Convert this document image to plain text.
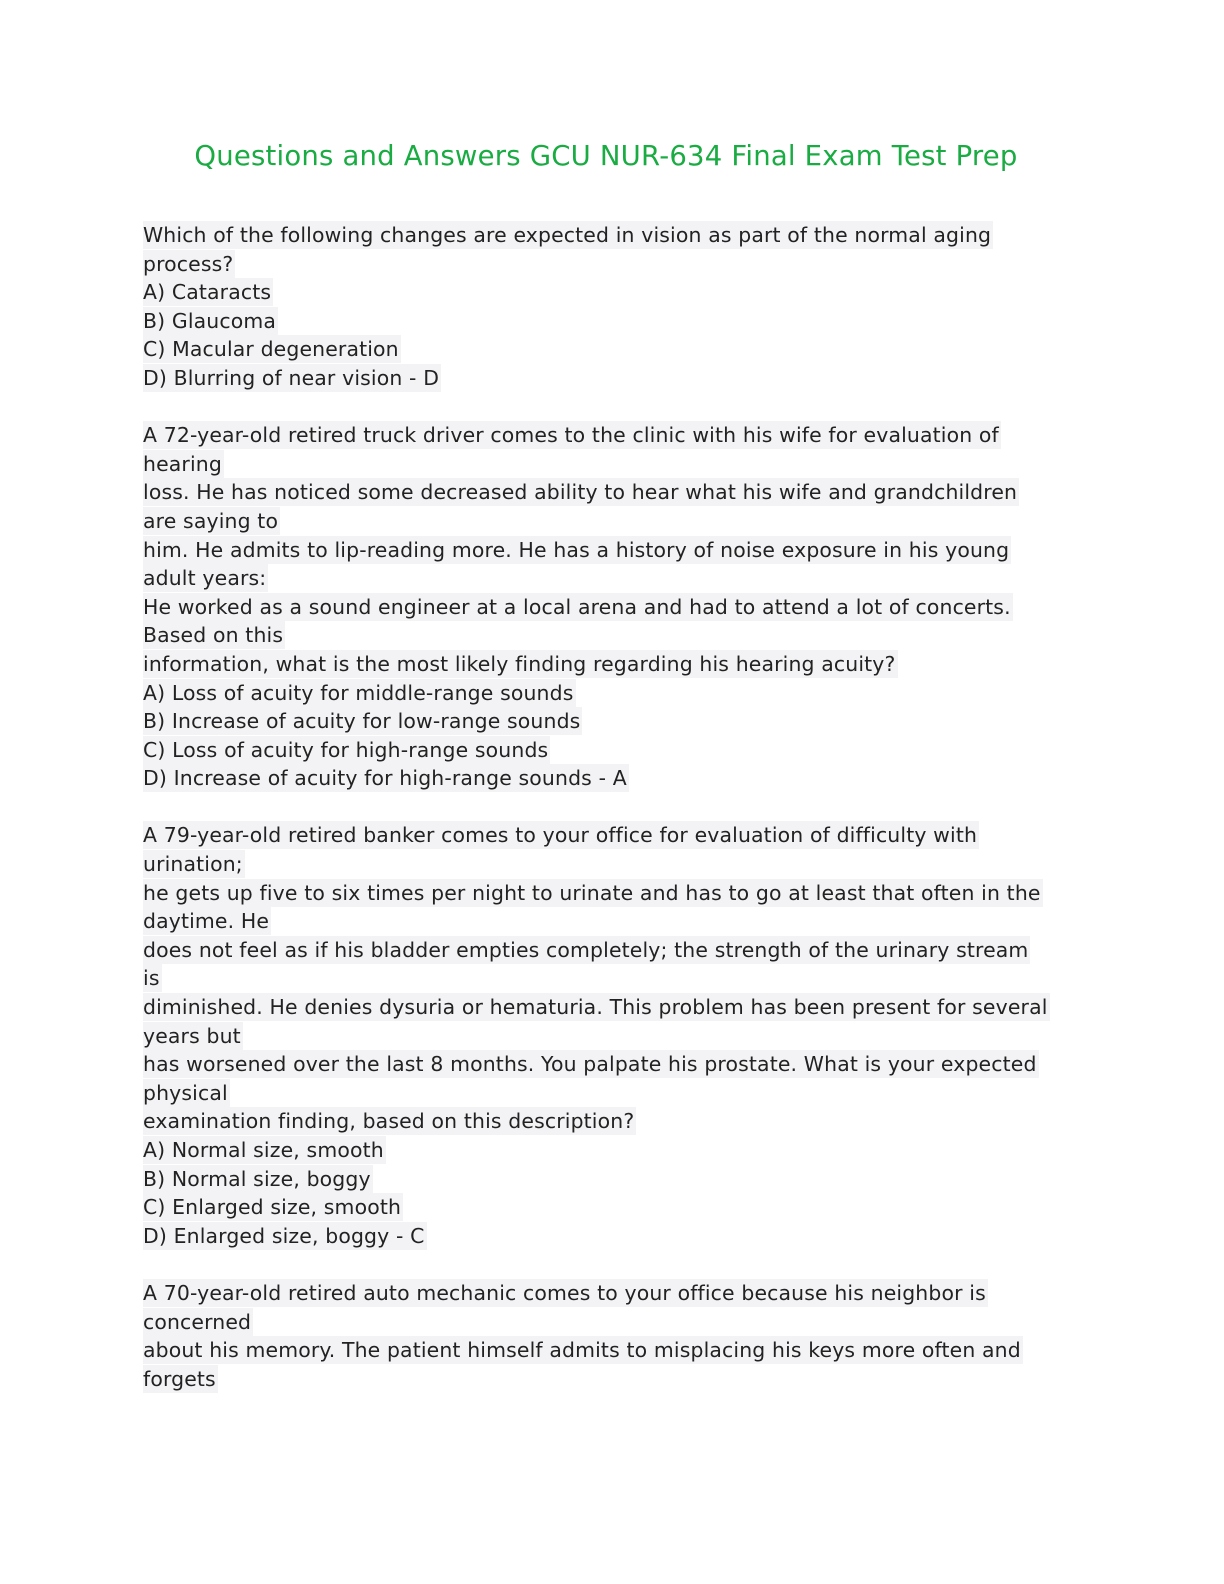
Questions and Answers GCU NUR-634 Final Exam Test Prep
Which of the following changes are expected in vision as part of the normal aging
process?
A) Cataracts
B) Glaucoma
C) Macular degeneration
D) Blurring of near vision - D
A 72-year-old retired truck driver comes to the clinic with his wife for evaluation of
hearing
loss. He has noticed some decreased ability to hear what his wife and grandchildren
are saying to
him. He admits to lip-reading more. He has a history of noise exposure in his young
adult years:
He worked as a sound engineer at a local arena and had to attend a lot of concerts.
Based on this
information, what is the most likely finding regarding his hearing acuity?
A) Loss of acuity for middle-range sounds
B) Increase of acuity for low-range sounds
C) Loss of acuity for high-range sounds
D) Increase of acuity for high-range sounds - A
A 79-year-old retired banker comes to your office for evaluation of difficulty with
urination;
he gets up five to six times per night to urinate and has to go at least that often in the
daytime. He
does not feel as if his bladder empties completely; the strength of the urinary stream
is
diminished. He denies dysuria or hematuria. This problem has been present for several
years but
has worsened over the last 8 months. You palpate his prostate. What is your expected
physical
examination finding, based on this description?
A) Normal size, smooth
B) Normal size, boggy
C) Enlarged size, smooth
D) Enlarged size, boggy - C
A 70-year-old retired auto mechanic comes to your office because his neighbor is
concerned
about his memory. The patient himself admits to misplacing his keys more often and
forgets
